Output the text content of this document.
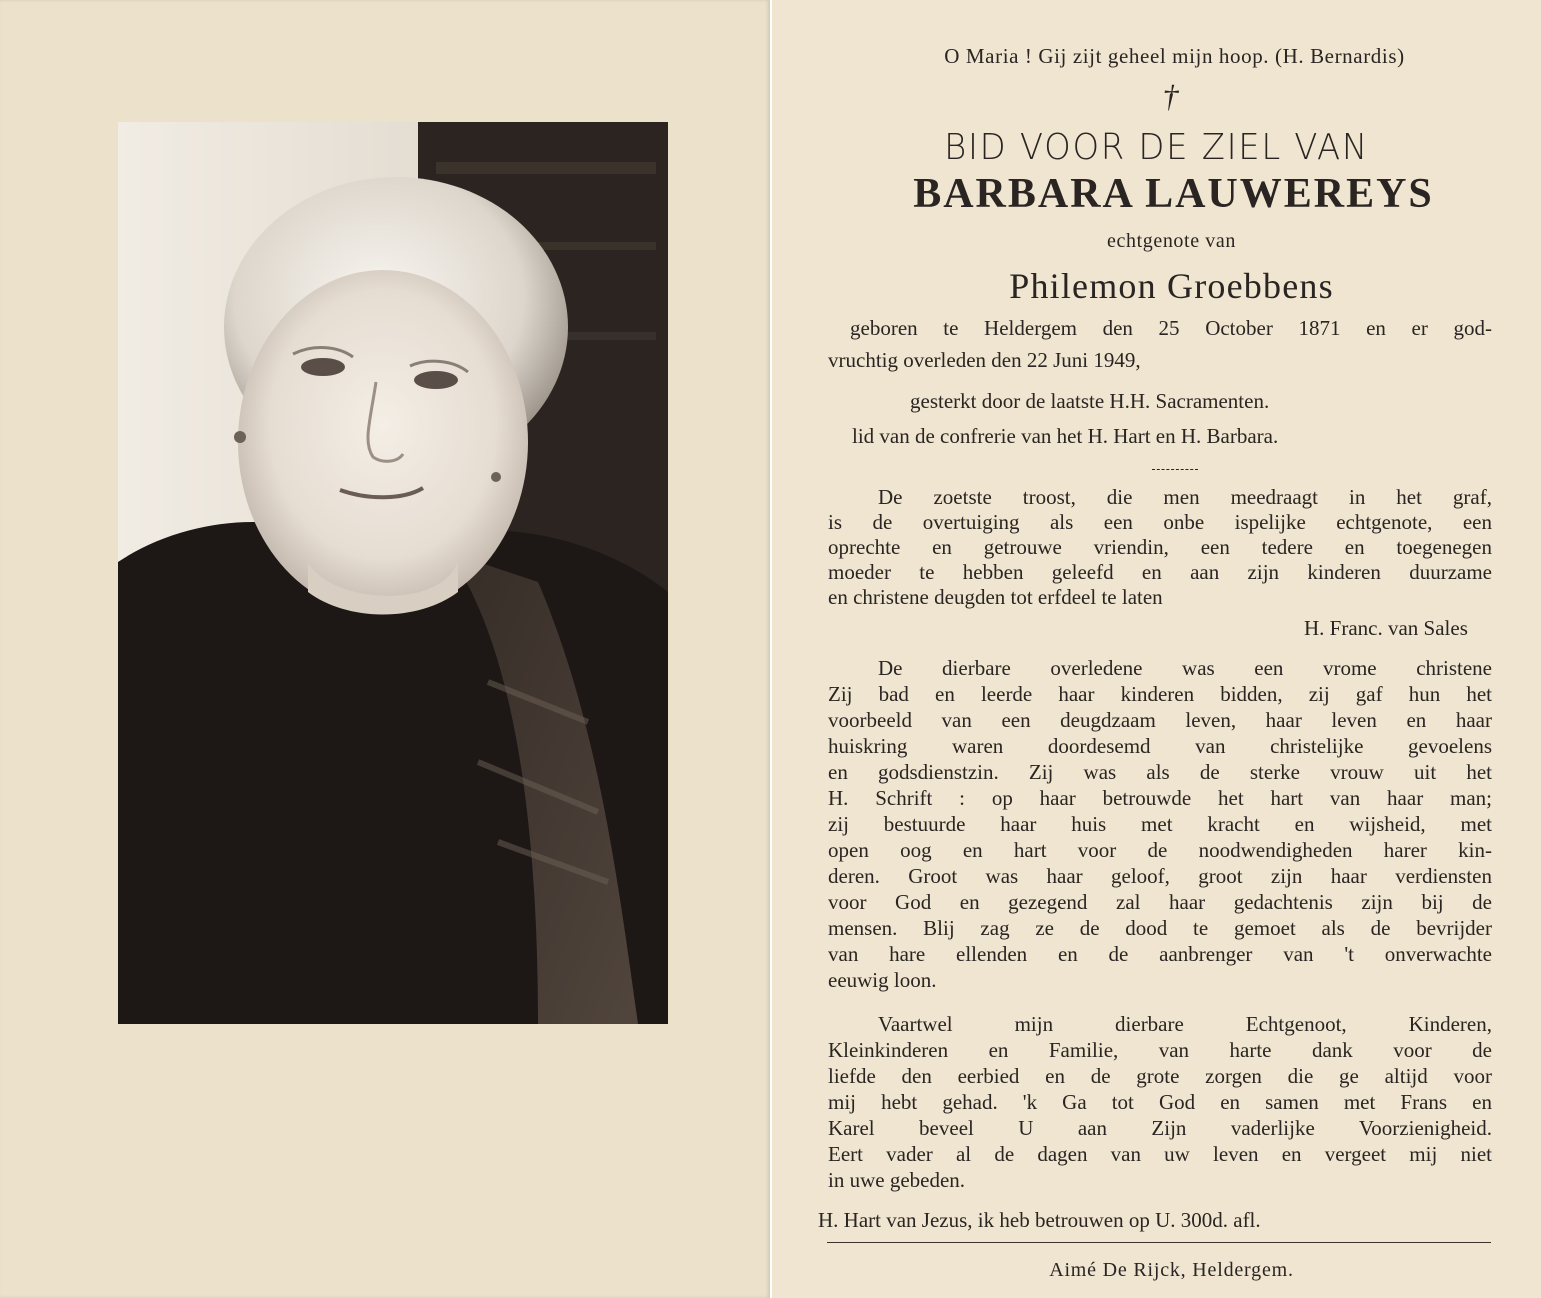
O Maria ! Gij zijt geheel mijn hoop. (H. Bernardis)
†
BID VOOR DE ZIEL VAN
BARBARA LAUWEREYS
echtgenote van
Philemon Groebbens
geboren te Heldergem den 25 October 1871 en er god-
vruchtig overleden den 22 Juni 1949,
gesterkt door de laatste H.H. Sacramenten.
lid van de confrerie van het H. Hart en H. Barbara.
De zoetste troost, die men meedraagt in het graf,
is de overtuiging als een onbe ispelijke echtgenote, een
oprechte en getrouwe vriendin, een tedere en toegenegen
moeder te hebben geleefd en aan zijn kinderen duurzame
en christene deugden tot erfdeel te laten
H. Franc. van Sales
De dierbare overledene was een vrome christene
Zij bad en leerde haar kinderen bidden, zij gaf hun het
voorbeeld van een deugdzaam leven, haar leven en haar
huiskring waren doordesemd van christelijke gevoelens
en godsdienstzin. Zij was als de sterke vrouw uit het
H. Schrift : op haar betrouwde het hart van haar man;
zij bestuurde haar huis met kracht en wijsheid, met
open oog en hart voor de noodwendigheden harer kin-
deren. Groot was haar geloof, groot zijn haar verdiensten
voor God en gezegend zal haar gedachtenis zijn bij de
mensen. Blij zag ze de dood te gemoet als de bevrijder
van hare ellenden en de aanbrenger van 't onverwachte
eeuwig loon.
Vaartwel mijn dierbare Echtgenoot, Kinderen,
Kleinkinderen en Familie, van harte dank voor de
liefde den eerbied en de grote zorgen die ge altijd voor
mij hebt gehad. 'k Ga tot God en samen met Frans en
Karel beveel U aan Zijn vaderlijke Voorzienigheid.
Eert vader al de dagen van uw leven en vergeet mij niet
in uwe gebeden.
H. Hart van Jezus, ik heb betrouwen op U. 300d. afl.
Aimé De Rijck, Heldergem.
